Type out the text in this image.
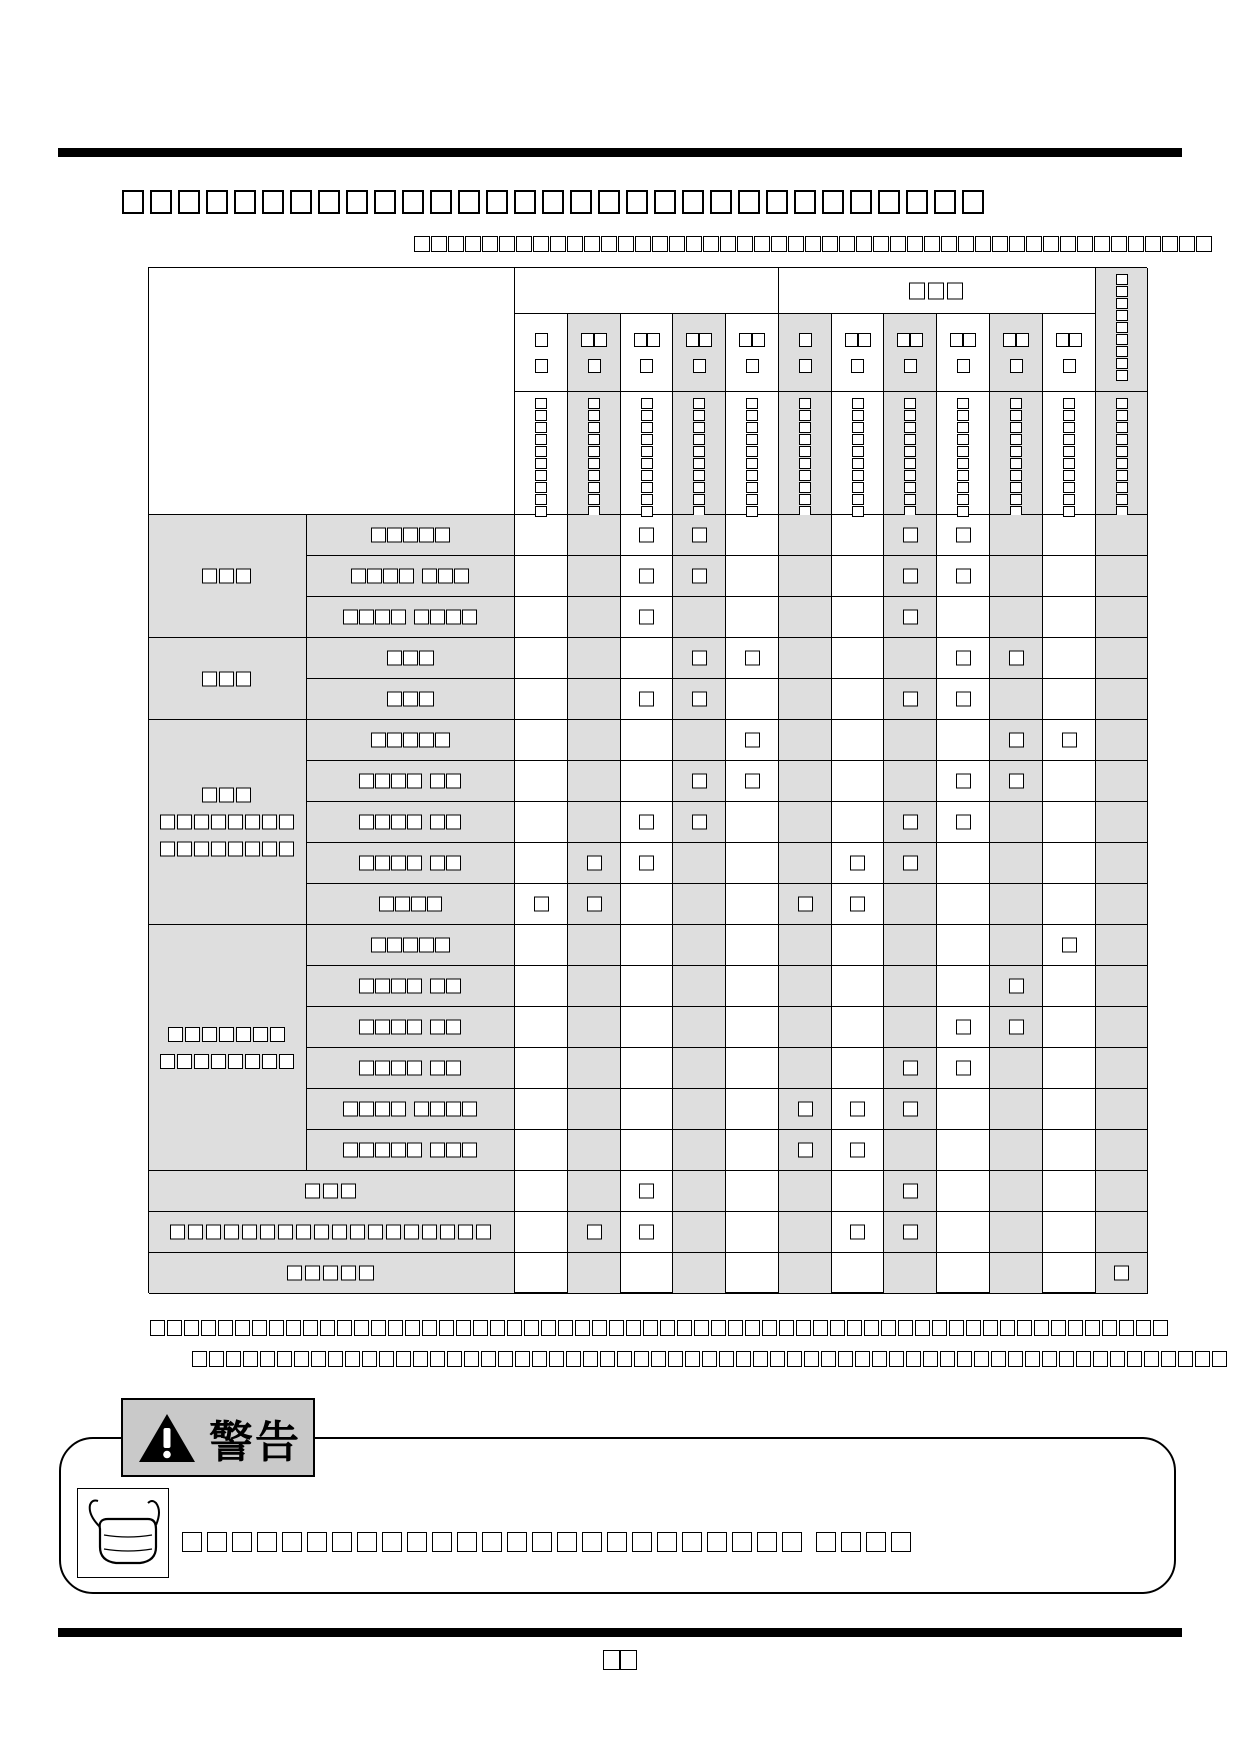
警告
